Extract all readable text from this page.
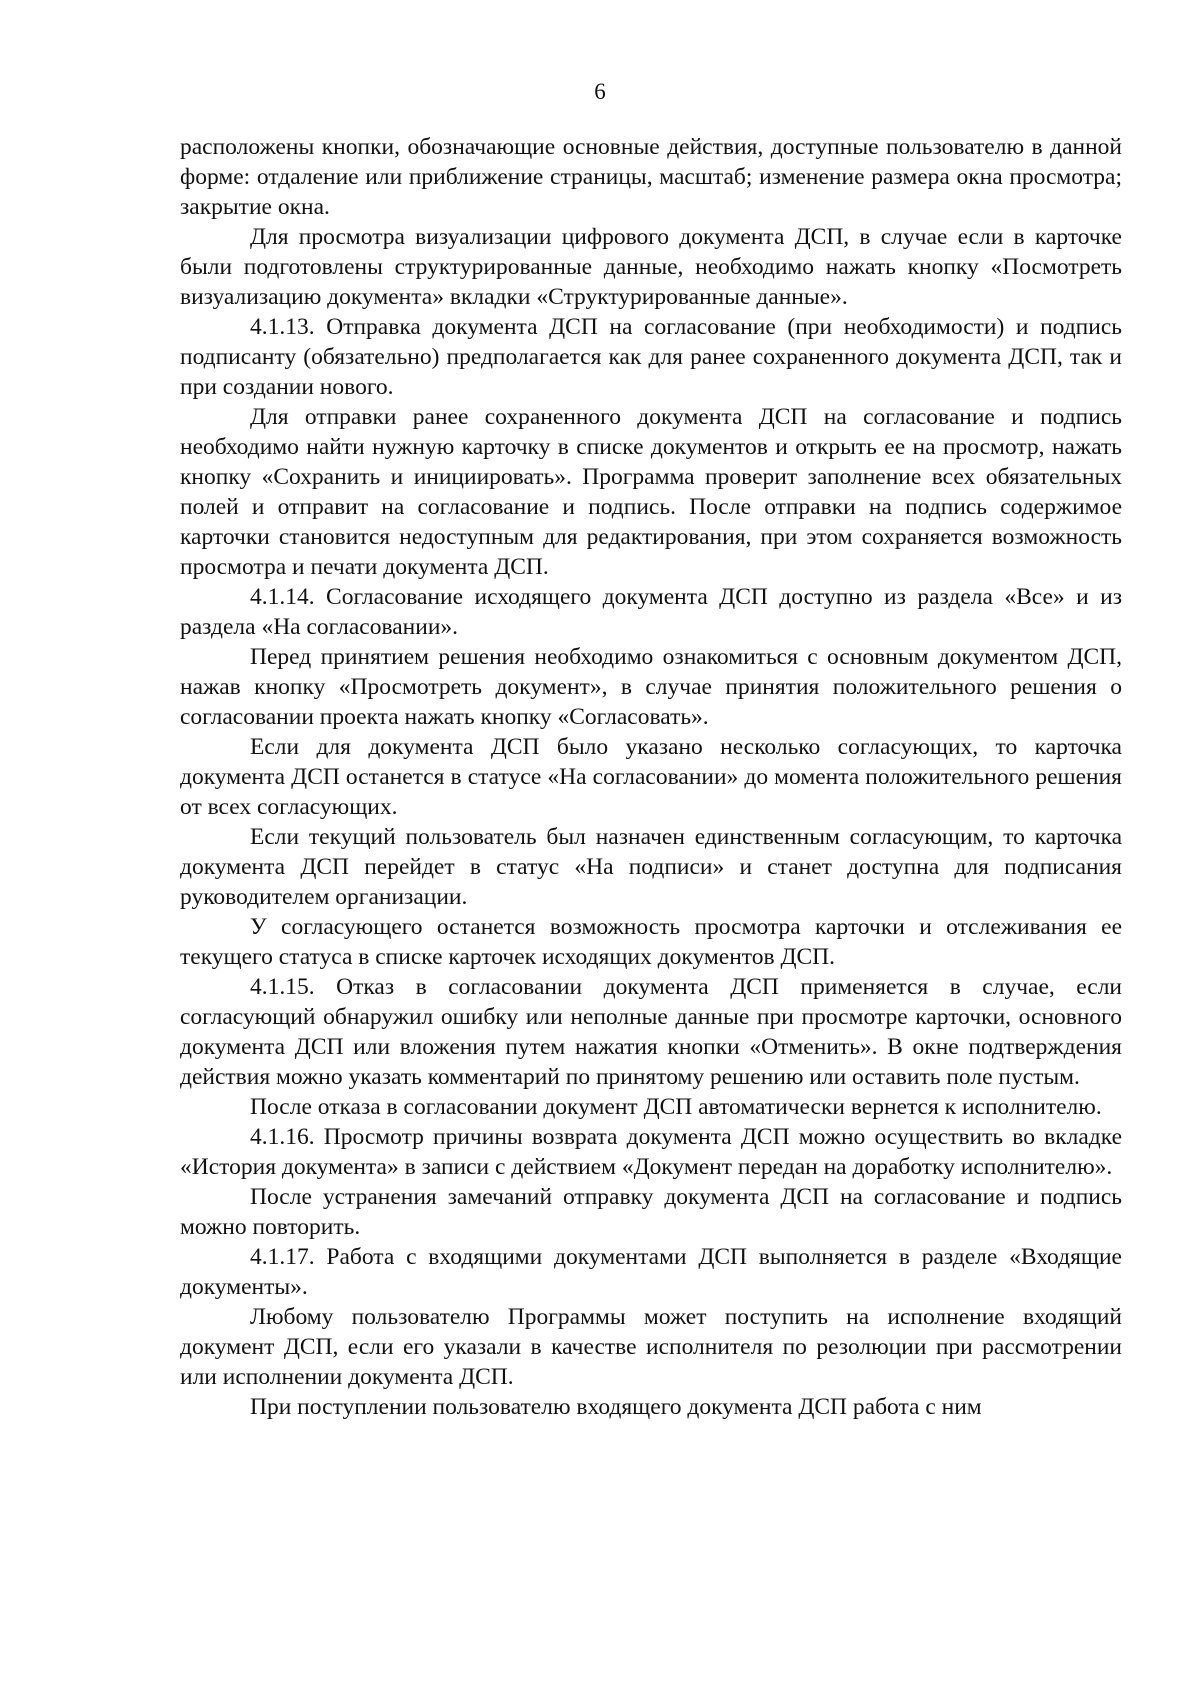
6

расположены кнопки, обозначающие основные действия, доступные пользователю в данной форме: отдаление или приближение страницы, масштаб; изменение размера окна просмотра; закрытие окна.

Для просмотра визуализации цифрового документа ДСП, в случае если в карточке были подготовлены структурированные данные, необходимо нажать кнопку «Посмотреть визуализацию документа» вкладки «Структурированные данные».

4.1.13. Отправка документа ДСП на согласование (при необходимости) и подпись подписанту (обязательно) предполагается как для ранее сохраненного документа ДСП, так и при создании нового.

Для отправки ранее сохраненного документа ДСП на согласование и подпись необходимо найти нужную карточку в списке документов и открыть ее на просмотр, нажать кнопку «Сохранить и инициировать». Программа проверит заполнение всех обязательных полей и отправит на согласование и подпись. После отправки на подпись содержимое карточки становится недоступным для редактирования, при этом сохраняется возможность просмотра и печати документа ДСП.

4.1.14. Согласование исходящего документа ДСП доступно из раздела «Все» и из раздела «На согласовании».

Перед принятием решения необходимо ознакомиться с основным документом ДСП, нажав кнопку «Просмотреть документ», в случае принятия положительного решения о согласовании проекта нажать кнопку «Согласовать».

Если для документа ДСП было указано несколько согласующих, то карточка документа ДСП останется в статусе «На согласовании» до момента положительного решения от всех согласующих.

Если текущий пользователь был назначен единственным согласующим, то карточка документа ДСП перейдет в статус «На подписи» и станет доступна для подписания руководителем организации.

У согласующего останется возможность просмотра карточки и отслеживания ее текущего статуса в списке карточек исходящих документов ДСП.

4.1.15. Отказ в согласовании документа ДСП применяется в случае, если согласующий обнаружил ошибку или неполные данные при просмотре карточки, основного документа ДСП или вложения путем нажатия кнопки «Отменить». В окне подтверждения действия можно указать комментарий по принятому решению или оставить поле пустым.

После отказа в согласовании документ ДСП автоматически вернется к исполнителю.

4.1.16. Просмотр причины возврата документа ДСП можно осуществить во вкладке «История документа» в записи с действием «Документ передан на доработку исполнителю».

После устранения замечаний отправку документа ДСП на согласование и подпись можно повторить.

4.1.17. Работа с входящими документами ДСП выполняется в разделе «Входящие документы».

Любому пользователю Программы может поступить на исполнение входящий документ ДСП, если его указали в качестве исполнителя по резолюции при рассмотрении или исполнении документа ДСП.

При поступлении пользователю входящего документа ДСП работа с ним
